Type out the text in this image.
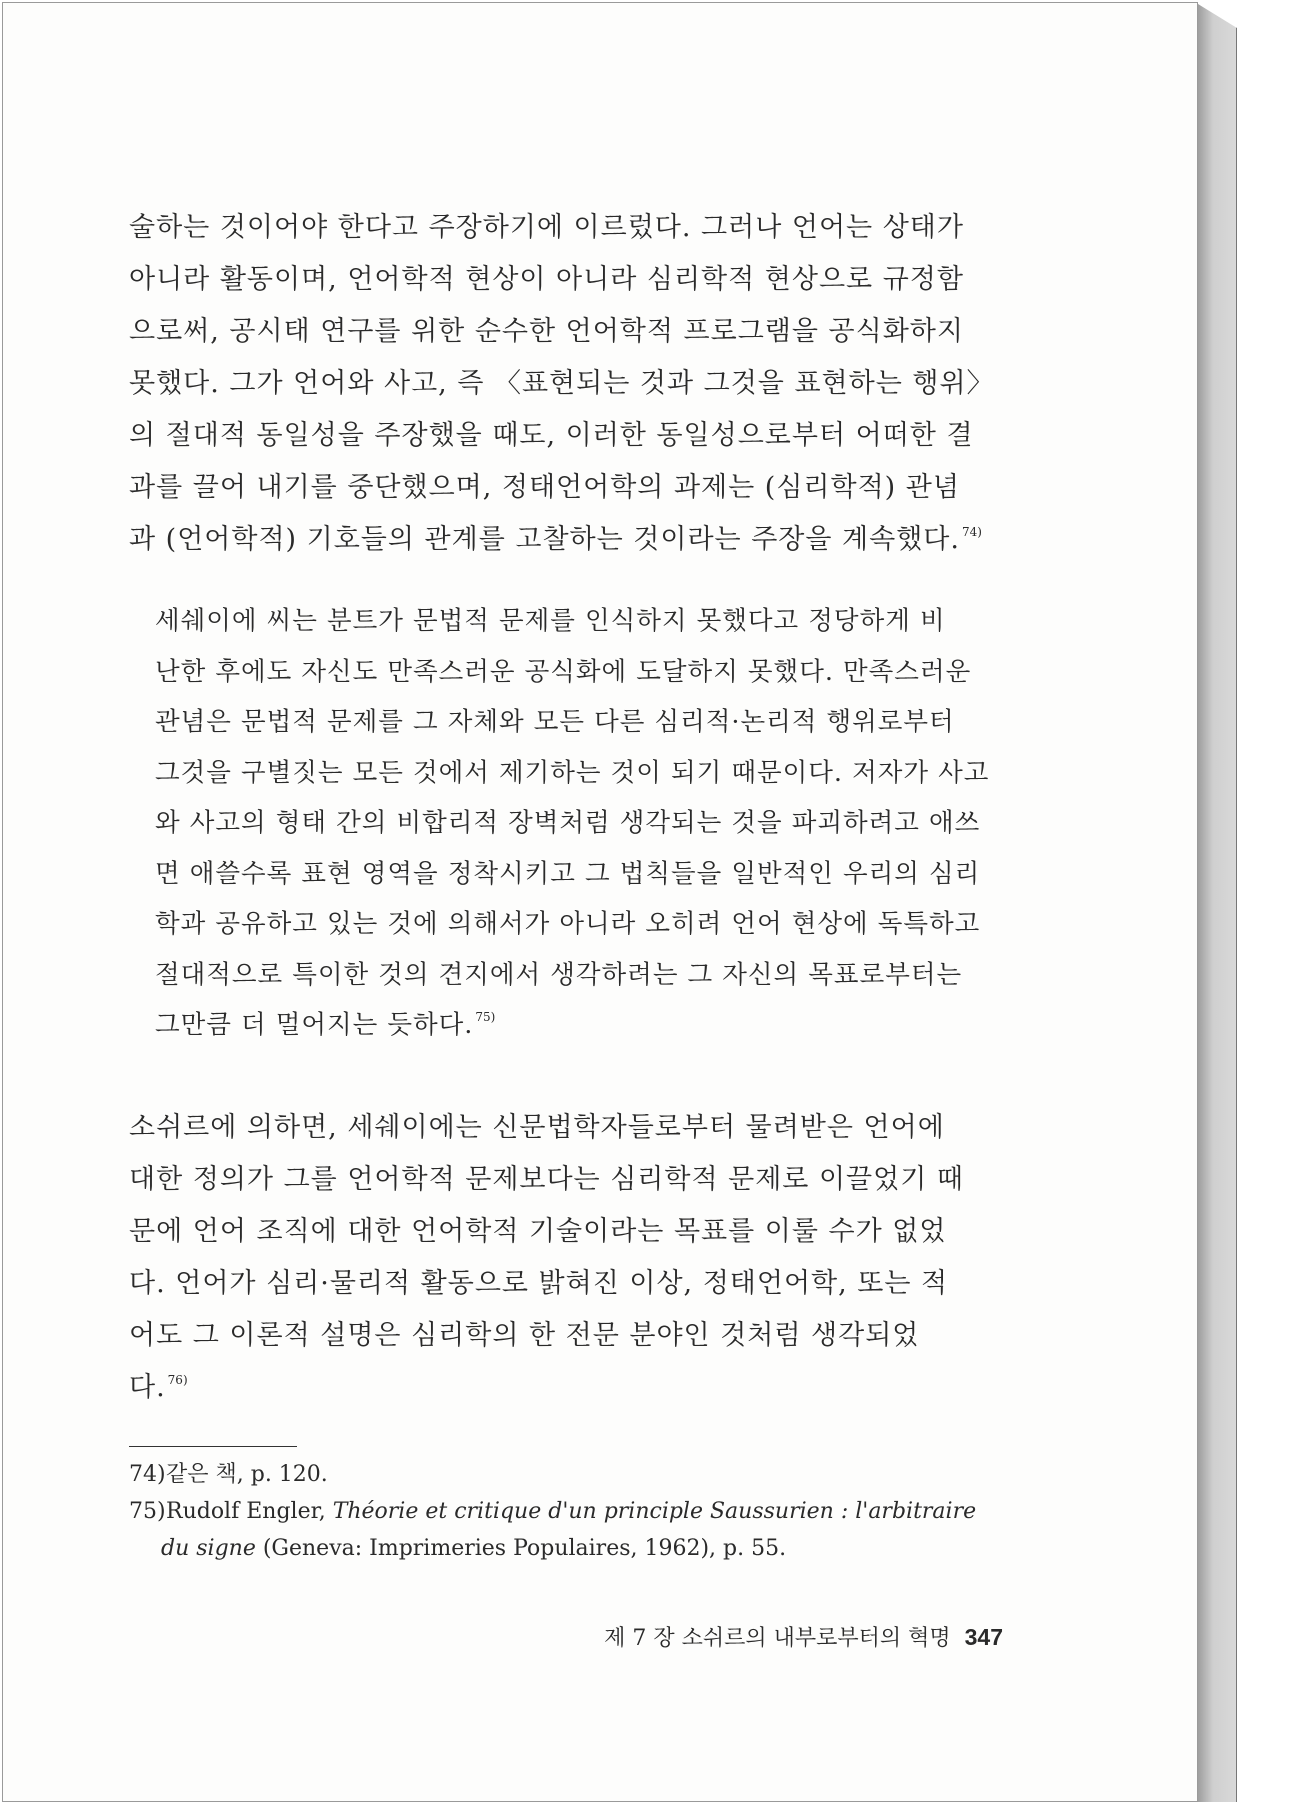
술하는 것이어야 한다고 주장하기에 이르렀다. 그러나 언어는 상태가
아니라 활동이며, 언어학적 현상이 아니라 심리학적 현상으로 규정함
으로써, 공시태 연구를 위한 순수한 언어학적 프로그램을 공식화하지
못했다. 그가 언어와 사고, 즉 〈표현되는 것과 그것을 표현하는 행위〉
의 절대적 동일성을 주장했을 때도, 이러한 동일성으로부터 어떠한 결
과를 끌어 내기를 중단했으며, 정태언어학의 과제는 (심리학적) 관념
과 (언어학적) 기호들의 관계를 고찰하는 것이라는 주장을 계속했다. $^{74)}$

세쉐이에 씨는 분트가 문법적 문제를 인식하지 못했다고 정당하게 비
난한 후에도 자신도 만족스러운 공식화에 도달하지 못했다. 만족스러운
관념은 문법적 문제를 그 자체와 모든 다른 심리적·논리적 행위로부터
그것을 구별짓는 모든 것에서 제기하는 것이 되기 때문이다. 저자가 사고
와 사고의 형태 간의 비합리적 장벽처럼 생각되는 것을 파괴하려고 애쓰
면 애쓸수록 표현 영역을 정착시키고 그 법칙들을 일반적인 우리의 심리
학과 공유하고 있는 것에 의해서가 아니라 오히려 언어 현상에 독특하고
절대적으로 특이한 것의 견지에서 생각하려는 그 자신의 목표로부터는
그만큼 더 멀어지는 듯하다. $^{75)}$

소쉬르에 의하면, 세쉐이에는 신문법학자들로부터 물려받은 언어에
대한 정의가 그를 언어학적 문제보다는 심리학적 문제로 이끌었기 때
문에 언어 조직에 대한 언어학적 기술이라는 목표를 이룰 수가 없었
다. 언어가 심리·물리적 활동으로 밝혀진 이상, 정태언어학, 또는 적
어도 그 이론적 설명은 심리학의 한 전문 분야인 것처럼 생각되었
다. $^{76)}$

74) 같은 책, p. 120.
75) Rudolf Engler, Théorie et critique d'un principle Saussurien : l'arbitraire
du signe (Geneva: Imprimeries Populaires, 1962), p. 55.
제 7 장 소쉬르의 내부로부터의 혁명 347
